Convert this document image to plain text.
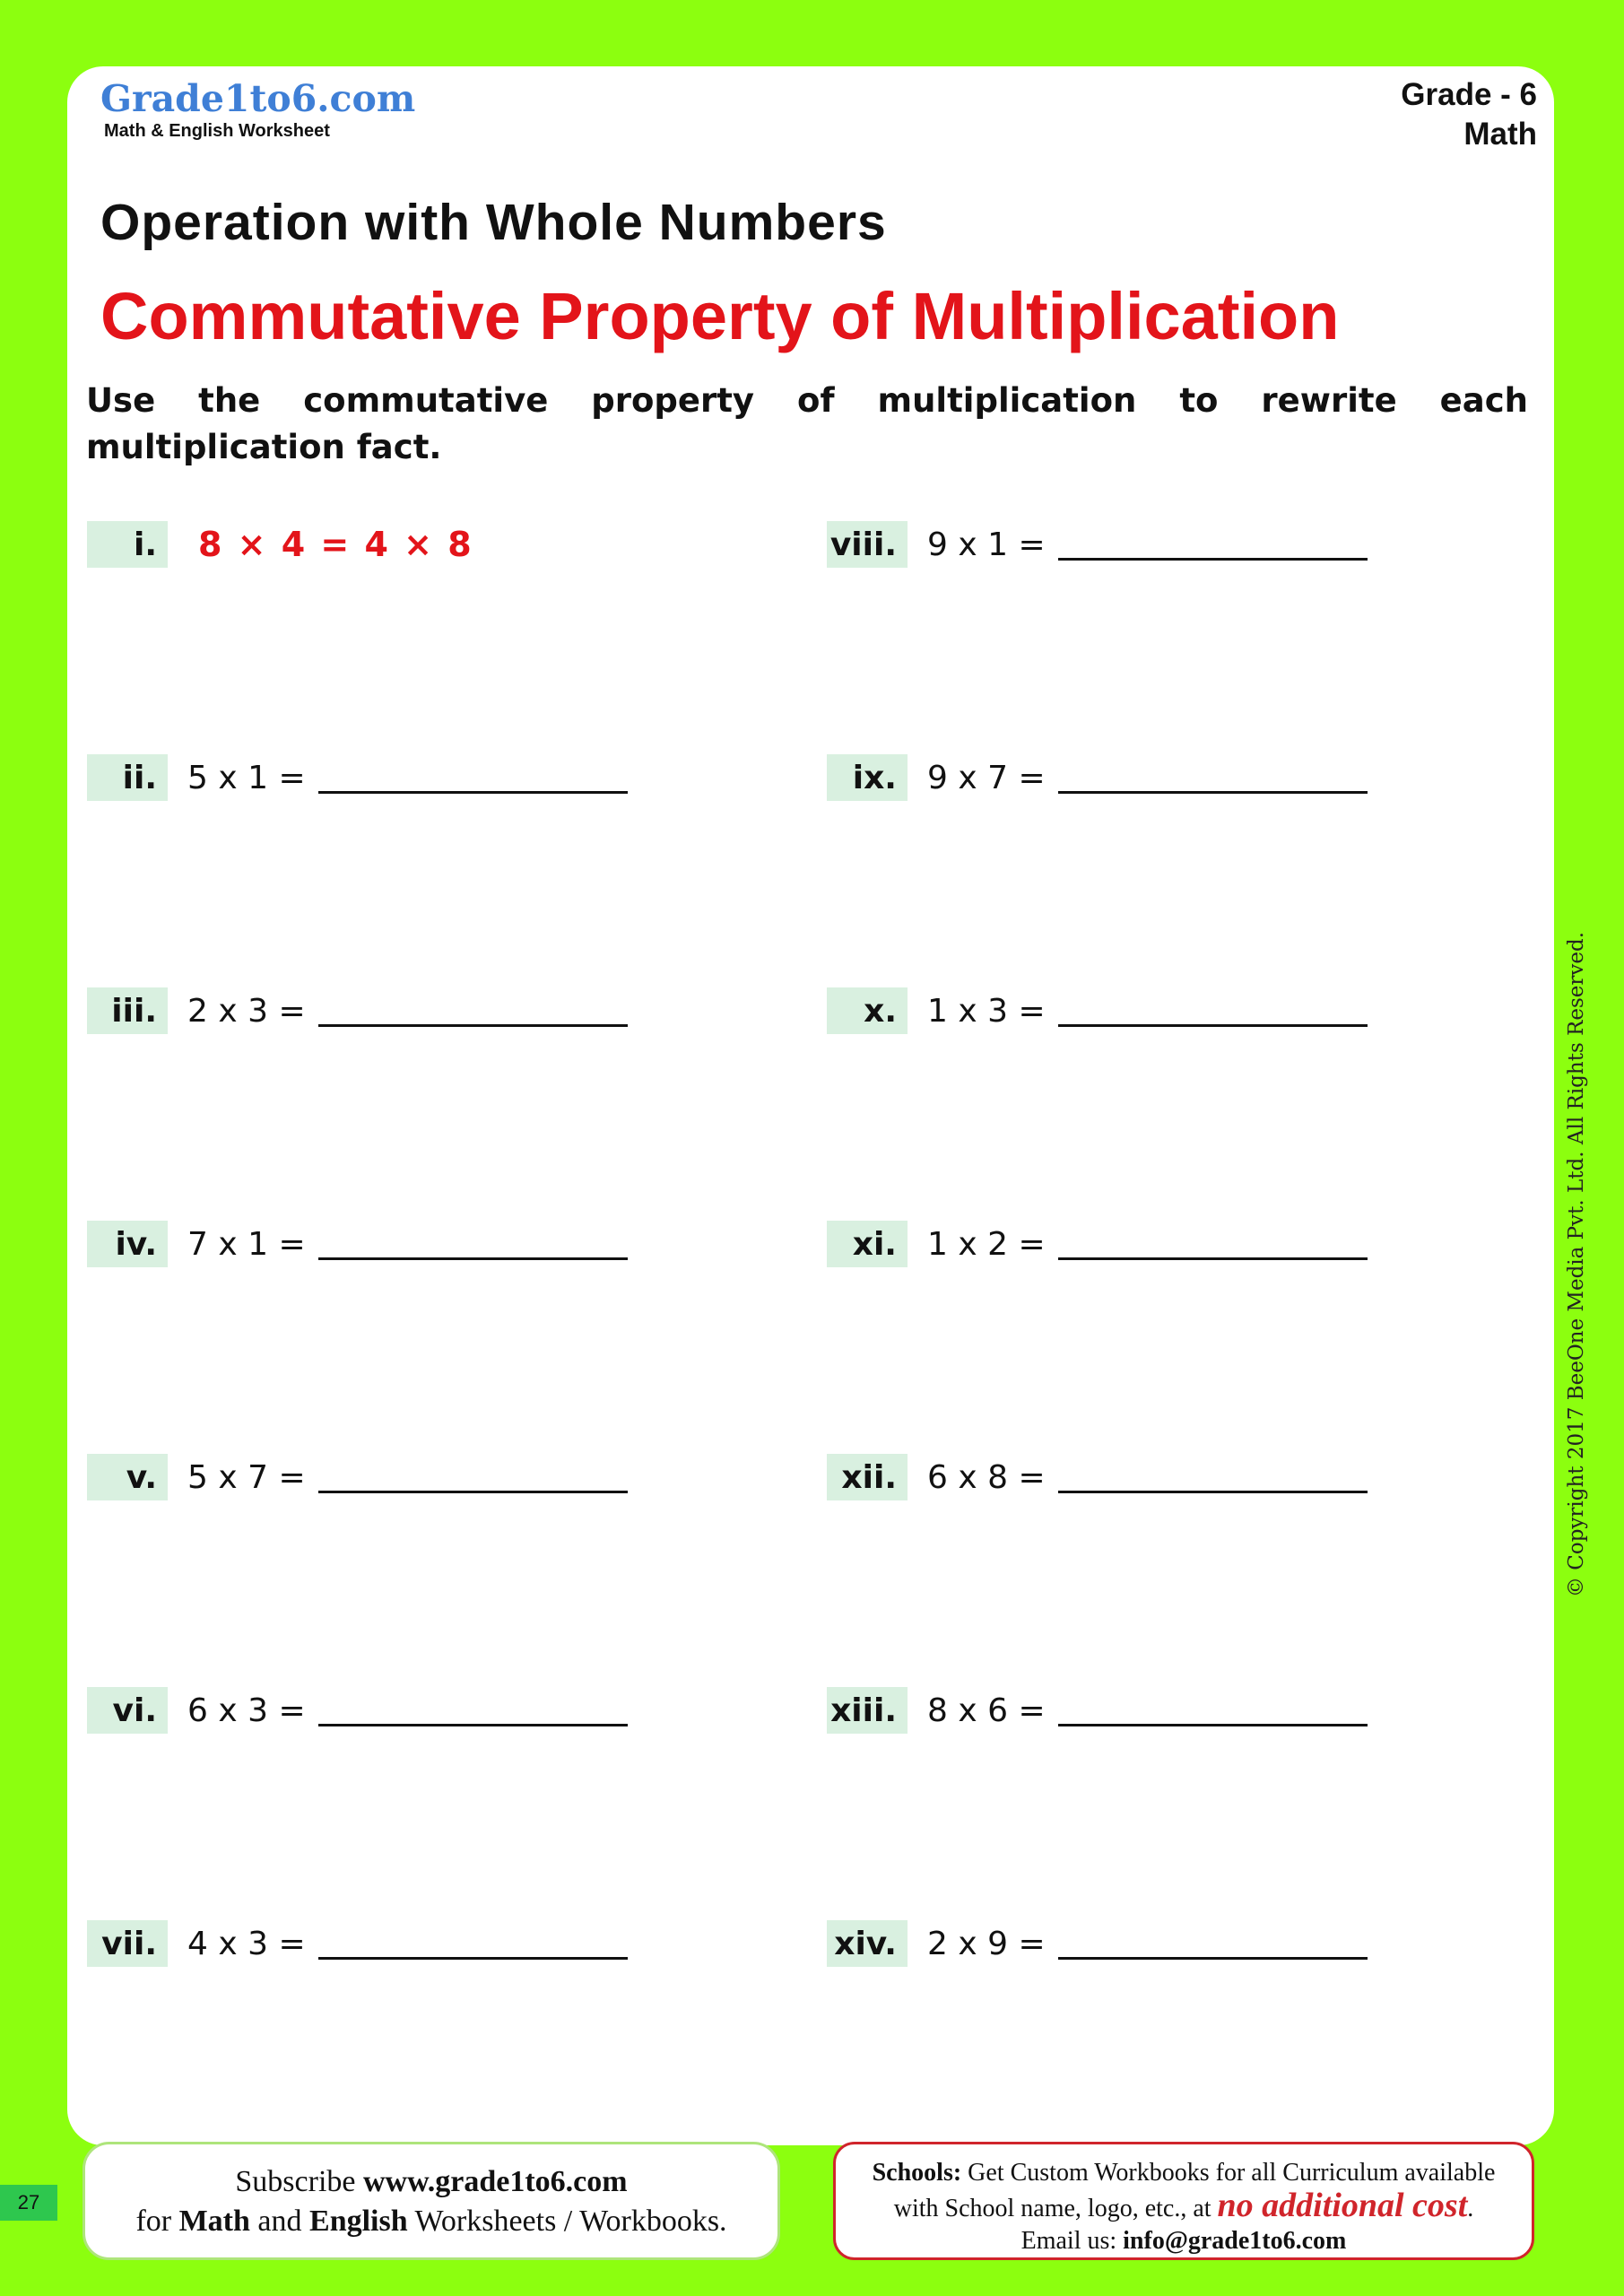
Grade1to6.com
Math & English Worksheet
Grade - 6
Math
Operation with Whole Numbers
Commutative Property of Multiplication
Use the commutative property of multiplication to rewrite each multiplication fact.
i.	8 × 4 = 4 × 8
ii. 5 x 1 =
iii. 2 x 3 =
iv. 7 x 1 =
v. 5 x 7 =
vi. 6 x 3 =
vii. 4 x 3 =
viii. 9 x 1 =
ix. 9 x 7 =
x. 1 x 3 =
xi. 1 x 2 =
xii. 6 x 8 =
xiii. 8 x 6 =
xiv. 2 x 9 =
© Copyright 2017 BeeOne Media Pvt. Ltd. All Rights Reserved.
27
Subscribe www.grade1to6.com
for Math and English Worksheets / Workbooks.
Schools: Get Custom Workbooks for all Curriculum available
with School name, logo, etc., at no additional cost.
Email us: info@grade1to6.com
